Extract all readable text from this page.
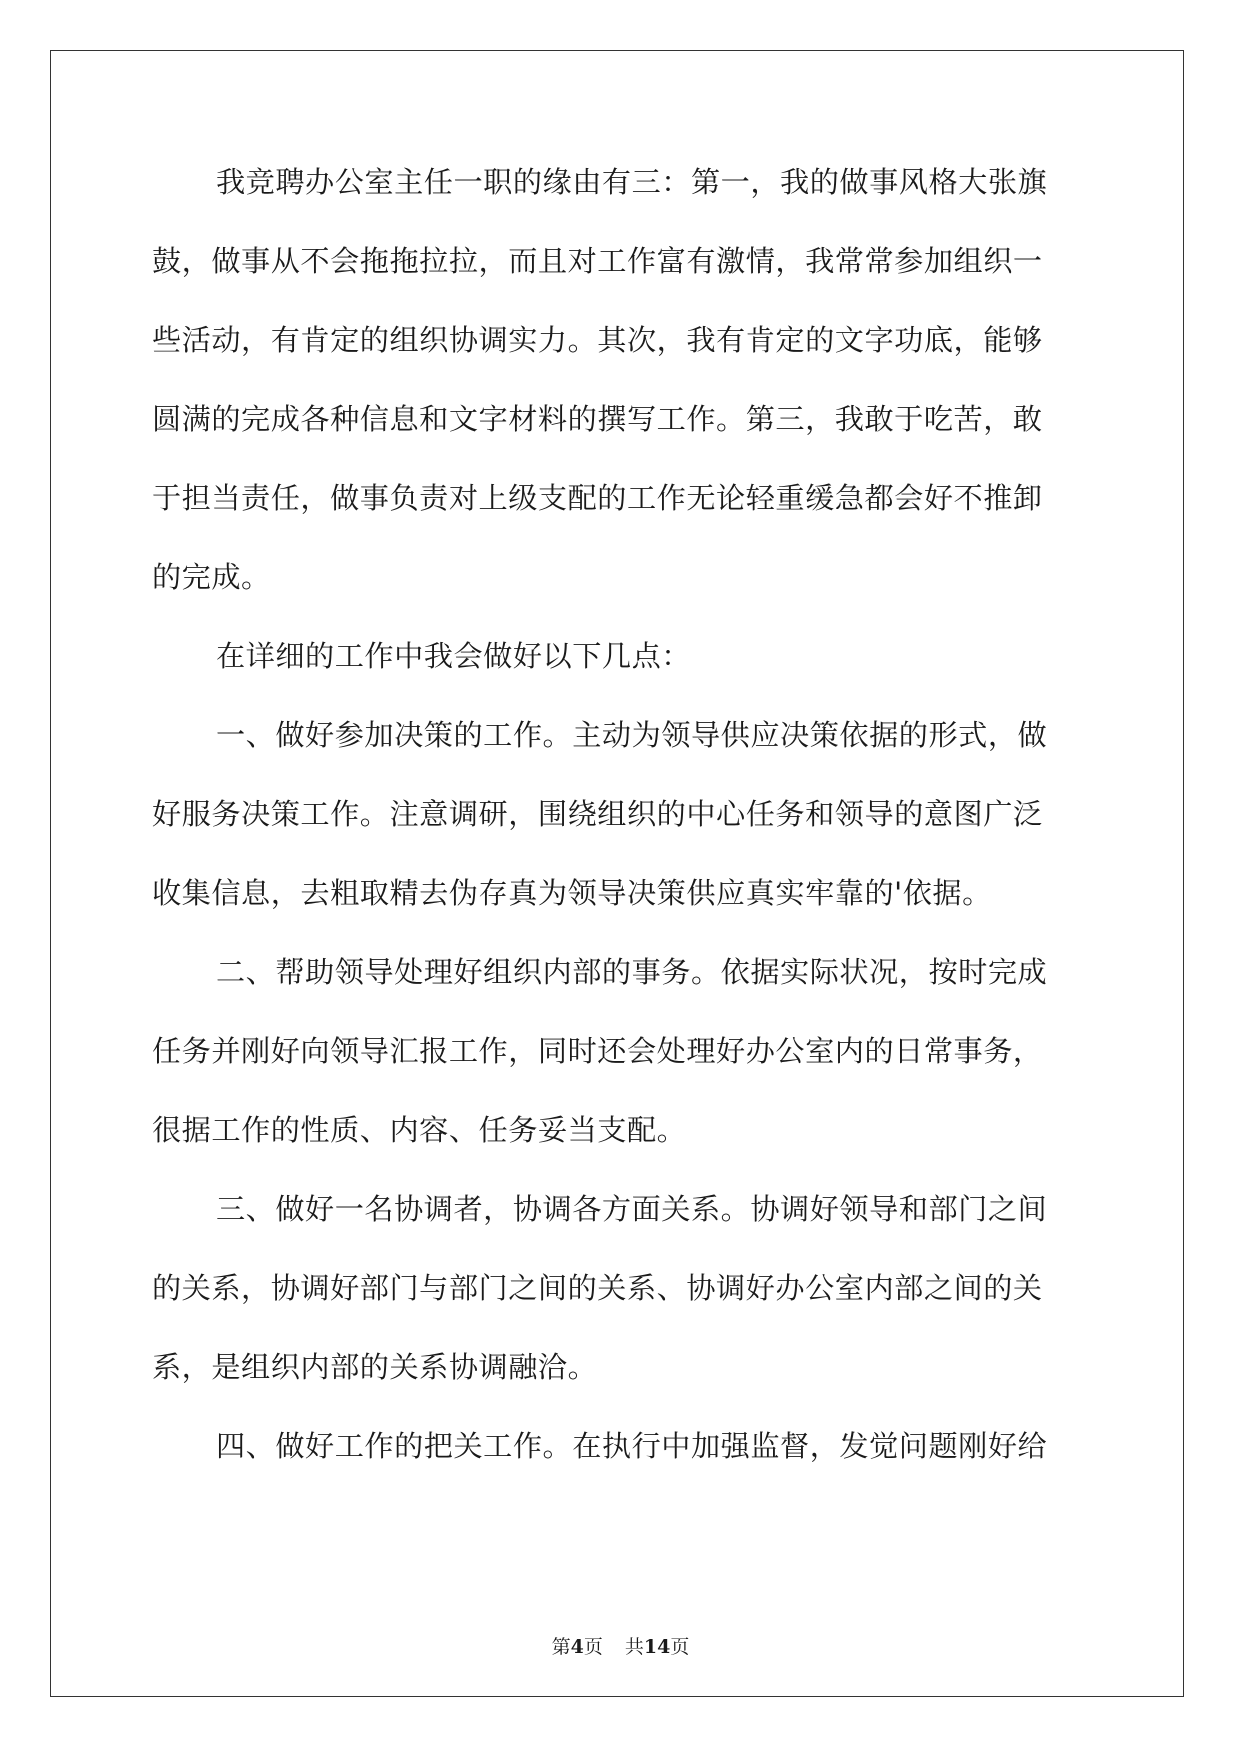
我竞聘办公室主任一职的缘由有三：第一，我的做事风格大张旗
鼓，做事从不会拖拖拉拉，而且对工作富有激情，我常常参加组织一
些活动，有肯定的组织协调实力。其次，我有肯定的文字功底，能够
圆满的完成各种信息和文字材料的撰写工作。第三，我敢于吃苦，敢
于担当责任，做事负责对上级支配的工作无论轻重缓急都会好不推卸
的完成。
在详细的工作中我会做好以下几点：
一、做好参加决策的工作。主动为领导供应决策依据的形式，做
好服务决策工作。注意调研，围绕组织的中心任务和领导的意图广泛
收集信息，去粗取精去伪存真为领导决策供应真实牢靠的'依据。
二、帮助领导处理好组织内部的事务。依据实际状况，按时完成
任务并刚好向领导汇报工作，同时还会处理好办公室内的日常事务，
很据工作的性质、内容、任务妥当支配。
三、做好一名协调者，协调各方面关系。协调好领导和部门之间
的关系，协调好部门与部门之间的关系、协调好办公室内部之间的关
系，是组织内部的关系协调融洽。
四、做好工作的把关工作。在执行中加强监督，发觉问题刚好给
第4页 共14页
